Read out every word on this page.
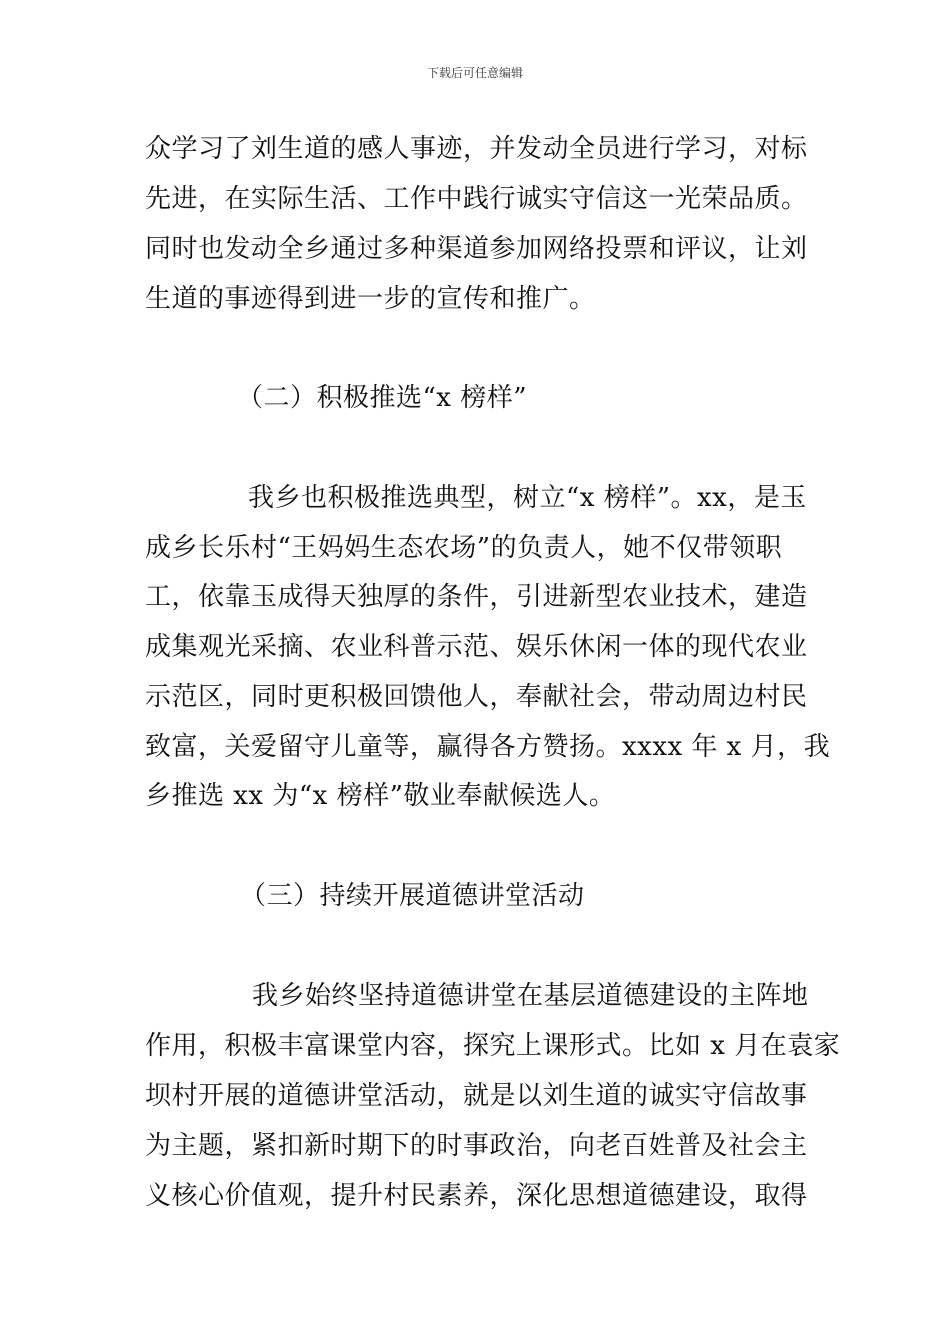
下载后可任意编辑
众学习了刘生道的感人事迹，并发动全员进行学习，对标
先进，在实际生活、工作中践行诚实守信这一光荣品质。
同时也发动全乡通过多种渠道参加网络投票和评议，让刘
生道的事迹得到进一步的宣传和推广。
（二）积极推选“x 榜样”
我乡也积极推选典型，树立“x 榜样”。xx，是玉
成乡长乐村“王妈妈生态农场”的负责人，她不仅带领职
工，依靠玉成得天独厚的条件，引进新型农业技术，建造
成集观光采摘、农业科普示范、娱乐休闲一体的现代农业
示范区，同时更积极回馈他人，奉献社会，带动周边村民
致富，关爱留守儿童等，赢得各方赞扬。xxxx 年 x 月，我
乡推选 xx 为“x 榜样”敬业奉献候选人。
（三）持续开展道德讲堂活动
我乡始终坚持道德讲堂在基层道德建设的主阵地
作用，积极丰富课堂内容，探究上课形式。比如 x 月在袁家
坝村开展的道德讲堂活动，就是以刘生道的诚实守信故事
为主题，紧扣新时期下的时事政治，向老百姓普及社会主
义核心价值观，提升村民素养，深化思想道德建设，取得
